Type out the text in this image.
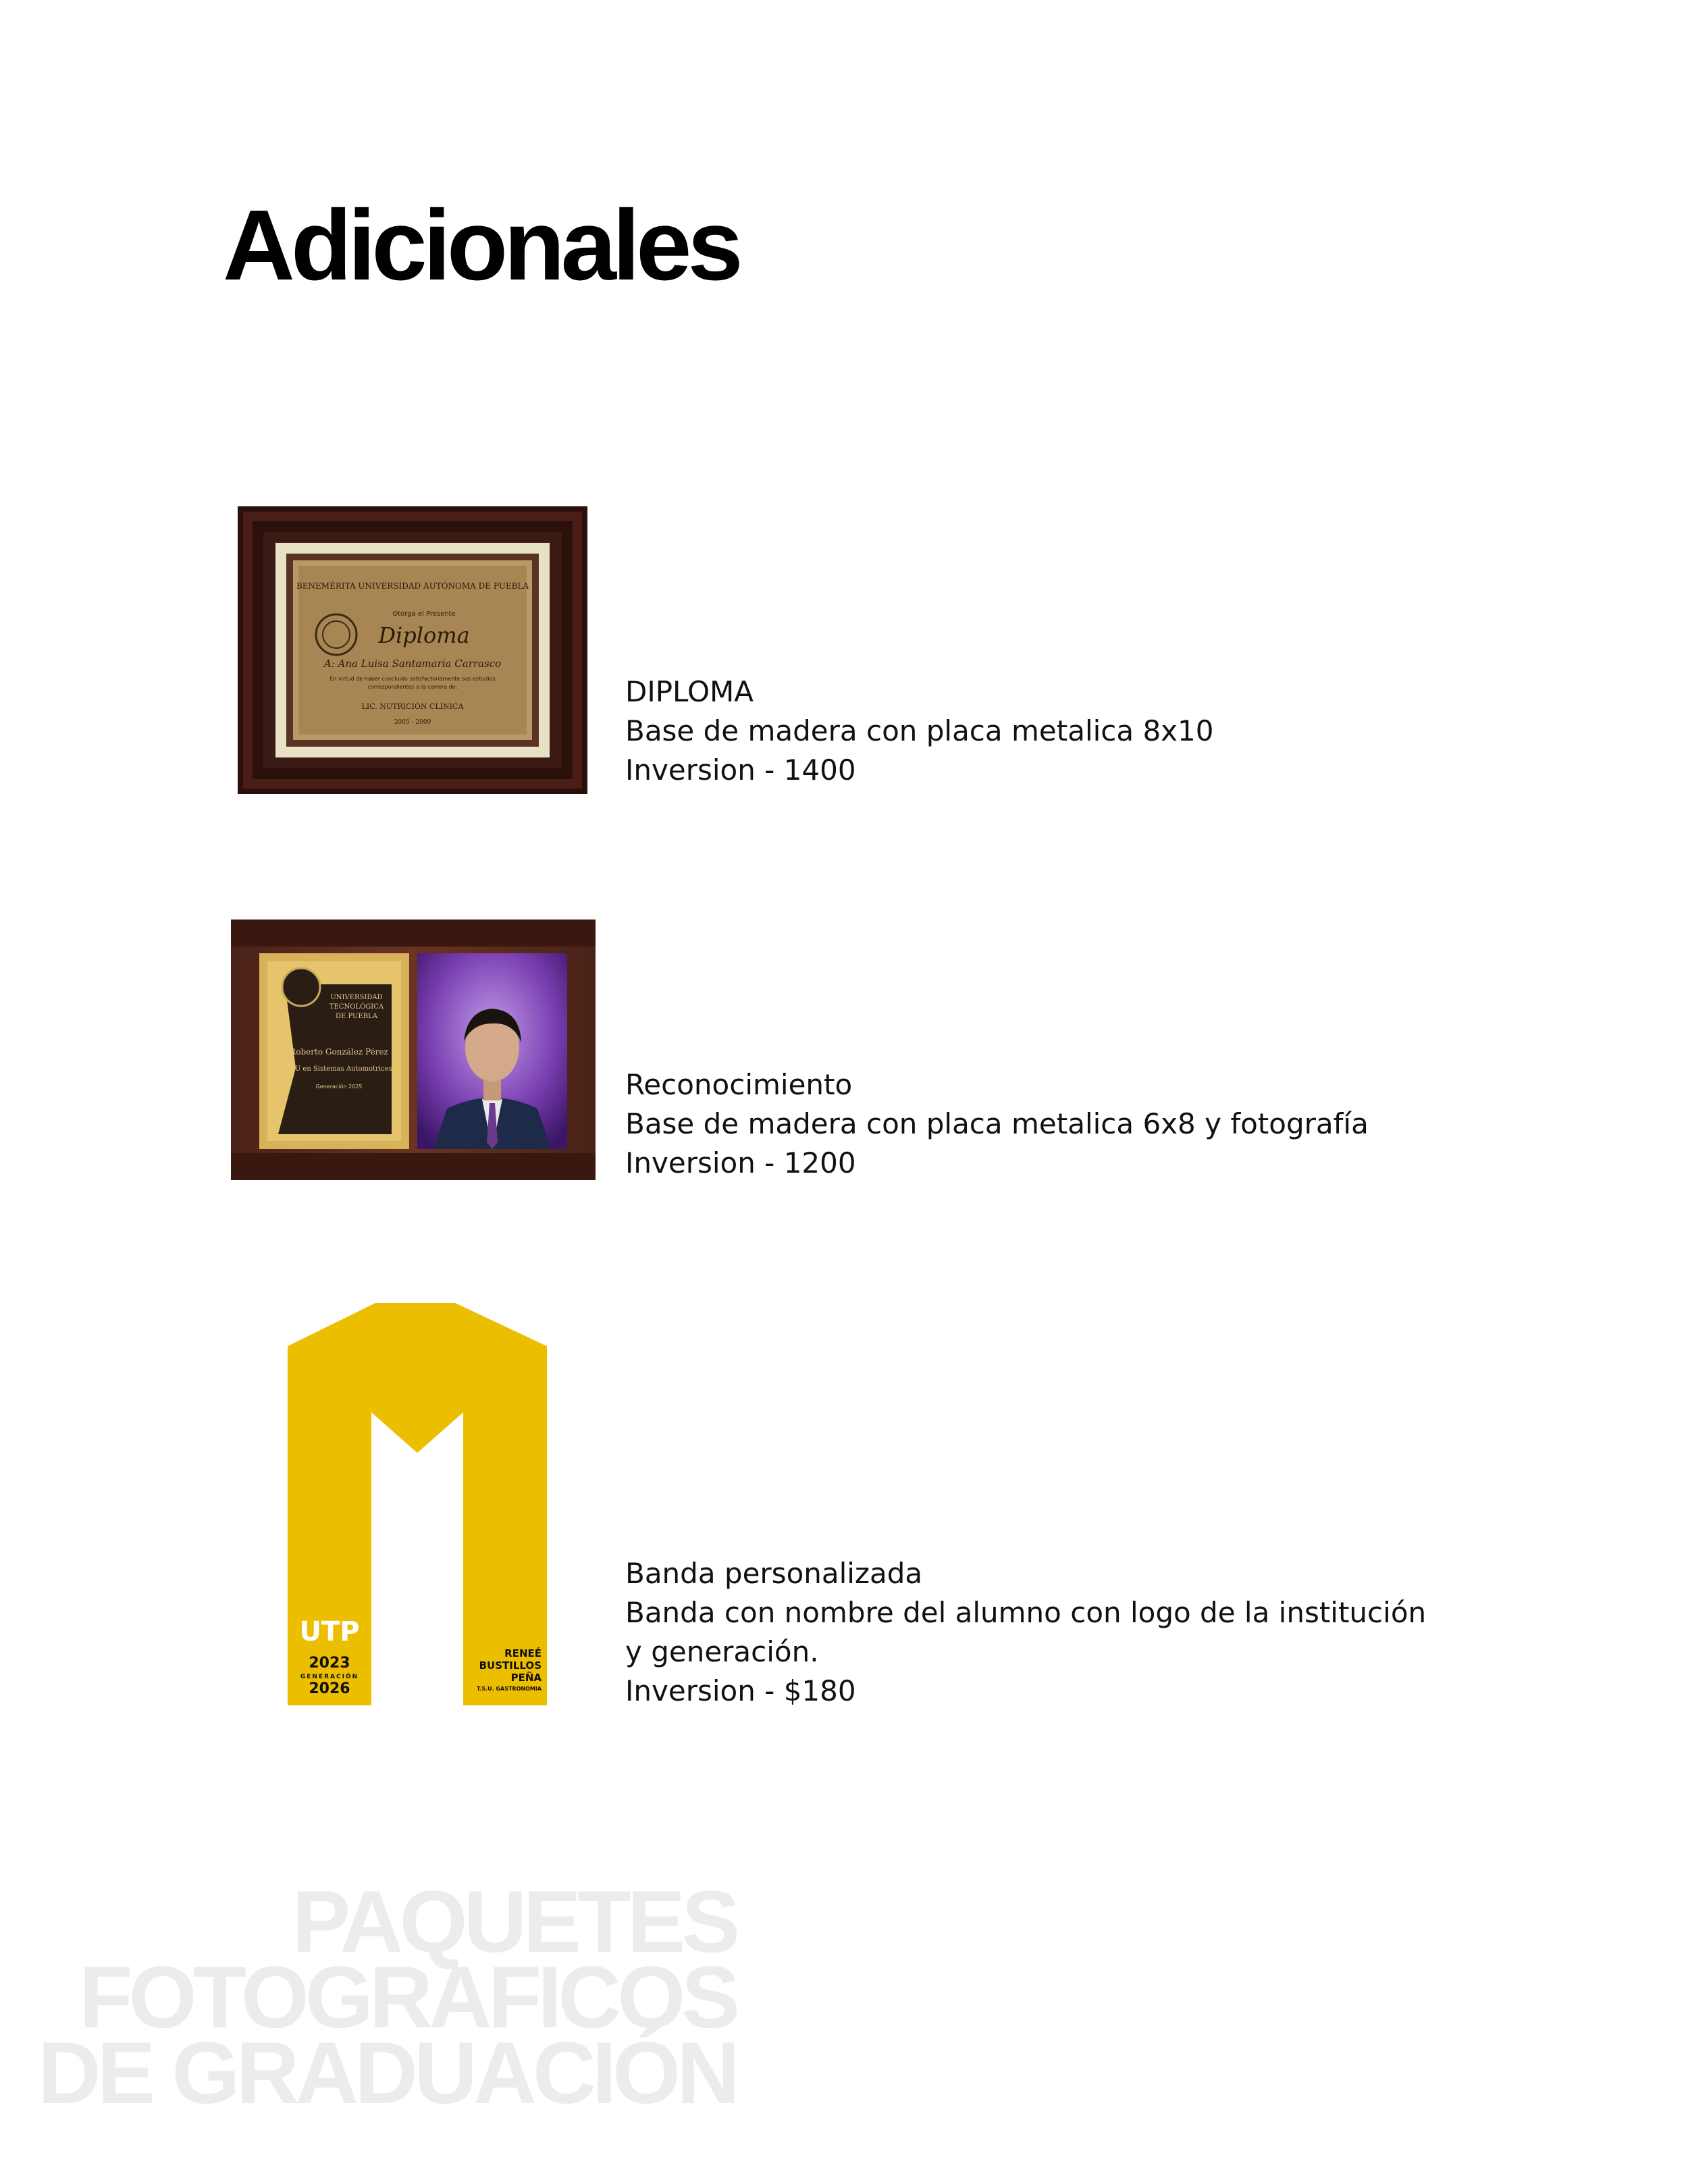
Adicionales
BENEMÉRITA UNIVERSIDAD AUTÓNOMA DE PUEBLA
Otorga el Presente
Diploma
A: Ana Luisa Santamaria Carrasco
En virtud de haber concluido satisfactoriamente sus estudios
correspondientes a la carrera de:
LIC. NUTRICIÓN CLÍNICA
2005 - 2009
DIPLOMA
Base de madera con placa metalica 8x10
Inversion - 1400
UNIVERSIDAD
TECNOLÓGICA
DE PUEBLA
Roberto González Pérez
TSU en Sistemas Automotrices
Generación 2025	Reconocimiento
Base de madera con placa metalica 6x8 y fotografía
Inversion - 1200
UTP
2023
GENERACIÓN
2026
RENEÉ
BUSTILLOS
PEÑA
T.S.U. GASTRONOMIA
Banda personalizada
Banda con nombre del alumno con logo de la institución
y generación.
Inversion - $180
PAQUETES
FOTOGRAFICOS
DE GRADUACIÓN
